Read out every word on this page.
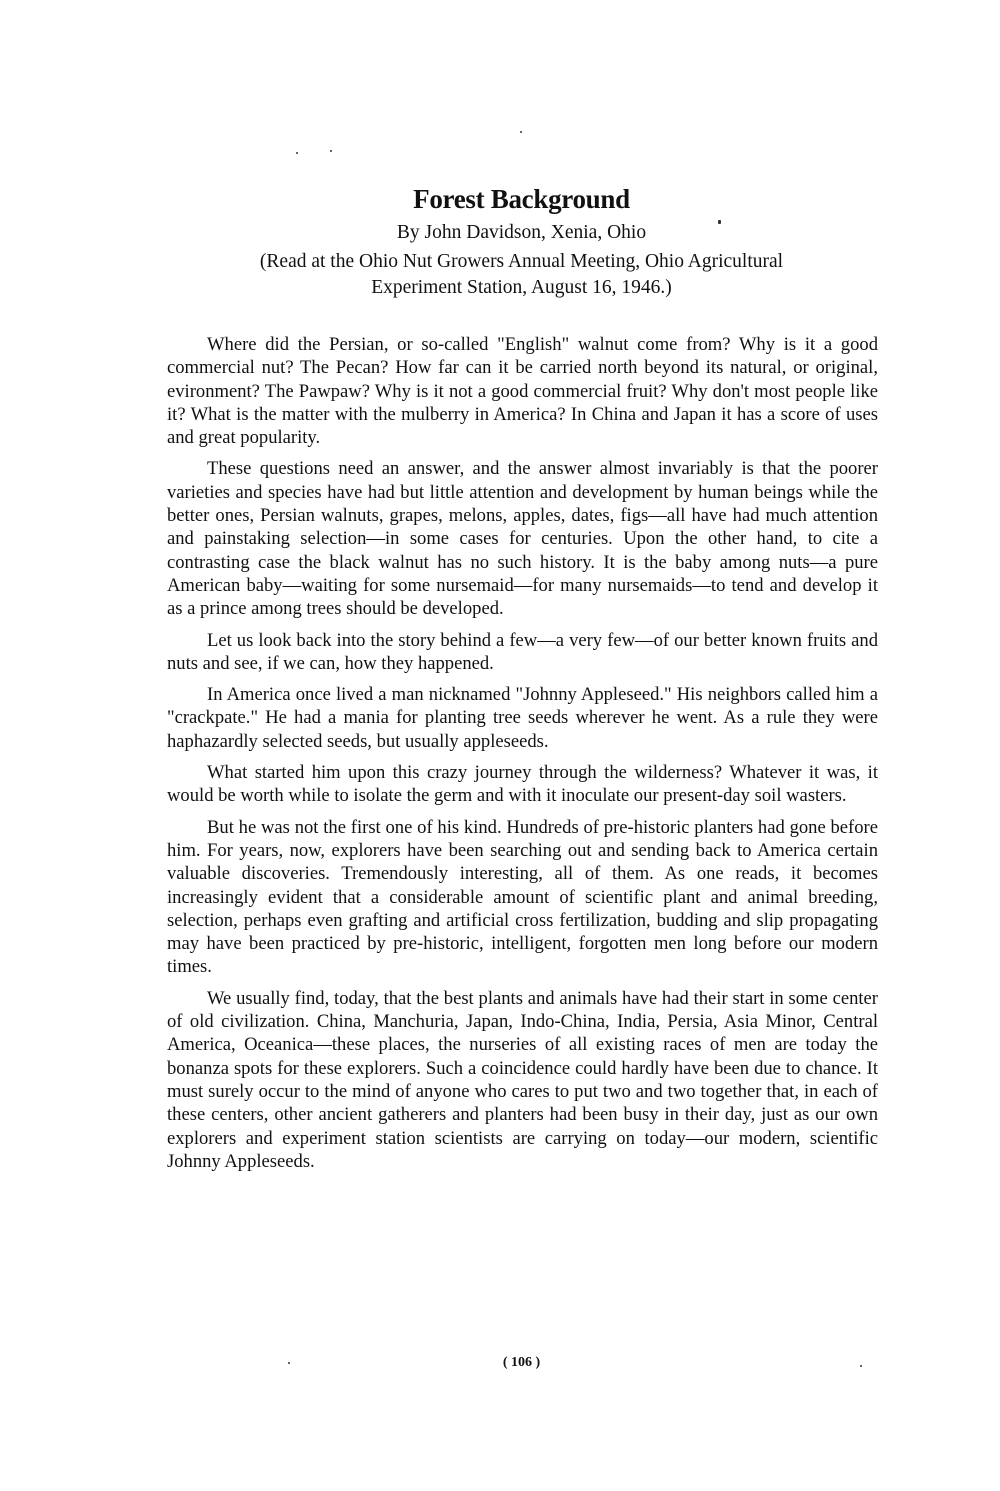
Forest Background
By John Davidson, Xenia, Ohio
(Read at the Ohio Nut Growers Annual Meeting, Ohio Agricultural
Experiment Station, August 16, 1946.)

Where did the Persian, or so-called "English" walnut come from? Why is it a good commercial nut? The Pecan? How far can it be carried north beyond its natural, or original, evironment? The Pawpaw? Why is it not a good commercial fruit? Why don't most people like it? What is the matter with the mulberry in America? In China and Japan it has a score of uses and great popularity.

These questions need an answer, and the answer almost invariably is that the poorer varieties and species have had but little attention and development by human beings while the better ones, Persian walnuts, grapes, melons, apples, dates, figs—all have had much attention and painstaking selection—in some cases for centuries. Upon the other hand, to cite a contrasting case the black walnut has no such history. It is the baby among nuts—a pure American baby—waiting for some nursemaid—for many nursemaids—to tend and develop it as a prince among trees should be developed.

Let us look back into the story behind a few—a very few—of our better known fruits and nuts and see, if we can, how they happened.

In America once lived a man nicknamed "Johnny Appleseed." His neighbors called him a "crackpate." He had a mania for planting tree seeds wherever he went. As a rule they were haphazardly selected seeds, but usually appleseeds.

What started him upon this crazy journey through the wilderness? Whatever it was, it would be worth while to isolate the germ and with it inoculate our present-day soil wasters.

But he was not the first one of his kind. Hundreds of pre-historic planters had gone before him. For years, now, explorers have been searching out and sending back to America certain valuable discoveries. Tremendously interesting, all of them. As one reads, it becomes increasingly evident that a considerable amount of scientific plant and animal breeding, selection, perhaps even grafting and artificial cross fertilization, budding and slip propagating may have been practiced by pre-historic, intelligent, forgotten men long before our modern times.

We usually find, today, that the best plants and animals have had their start in some center of old civilization. China, Manchuria, Japan, Indo-China, India, Persia, Asia Minor, Central America, Oceanica—these places, the nurseries of all existing races of men are today the bonanza spots for these explorers. Such a coincidence could hardly have been due to chance. It must surely occur to the mind of anyone who cares to put two and two together that, in each of these centers, other ancient gatherers and planters had been busy in their day, just as our own explorers and experiment station scientists are carrying on today—our modern, scientific Johnny Appleseeds.

( 106 )
